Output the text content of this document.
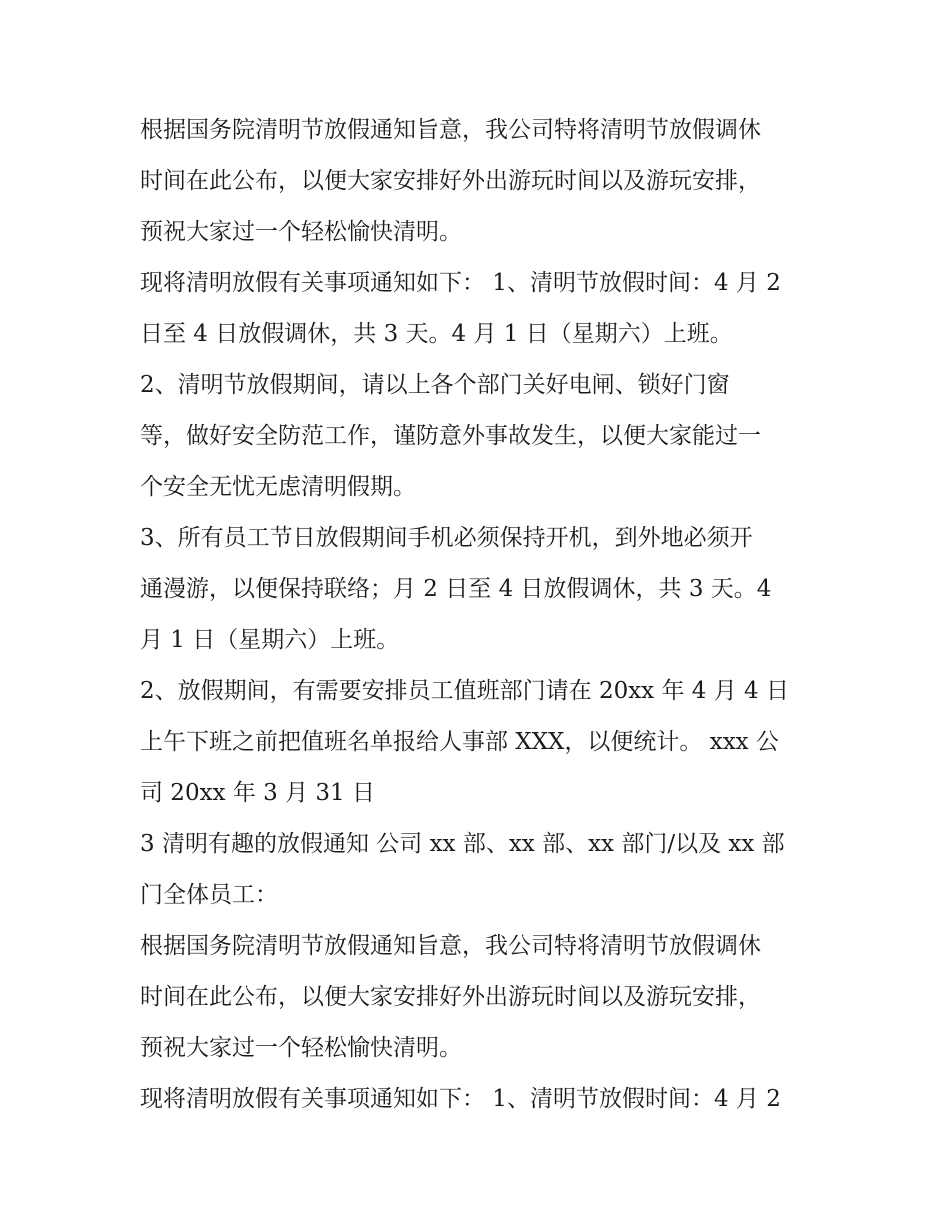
根据国务院清明节放假通知旨意，我公司特将清明节放假调休
时间在此公布，以便大家安排好外出游玩时间以及游玩安排，
预祝大家过一个轻松愉快清明。
现将清明放假有关事项通知如下： 1、清明节放假时间：4 月 2
日至 4 日放假调休，共 3 天。4 月 1 日（星期六）上班。
2、清明节放假期间，请以上各个部门关好电闸、锁好门窗
等，做好安全防范工作，谨防意外事故发生，以便大家能过一
个安全无忧无虑清明假期。
3、所有员工节日放假期间手机必须保持开机，到外地必须开
通漫游，以便保持联络；月 2 日至 4 日放假调休，共 3 天。4
月 1 日（星期六）上班。
2、放假期间，有需要安排员工值班部门请在 20xx 年 4 月 4 日
上午下班之前把值班名单报给人事部 XXX，以便统计。 xxx 公
司 20xx 年 3 月 31 日
3 清明有趣的放假通知 公司 xx 部、xx 部、xx 部门/以及 xx 部
门全体员工：
根据国务院清明节放假通知旨意，我公司特将清明节放假调休
时间在此公布，以便大家安排好外出游玩时间以及游玩安排，
预祝大家过一个轻松愉快清明。
现将清明放假有关事项通知如下： 1、清明节放假时间：4 月 2
